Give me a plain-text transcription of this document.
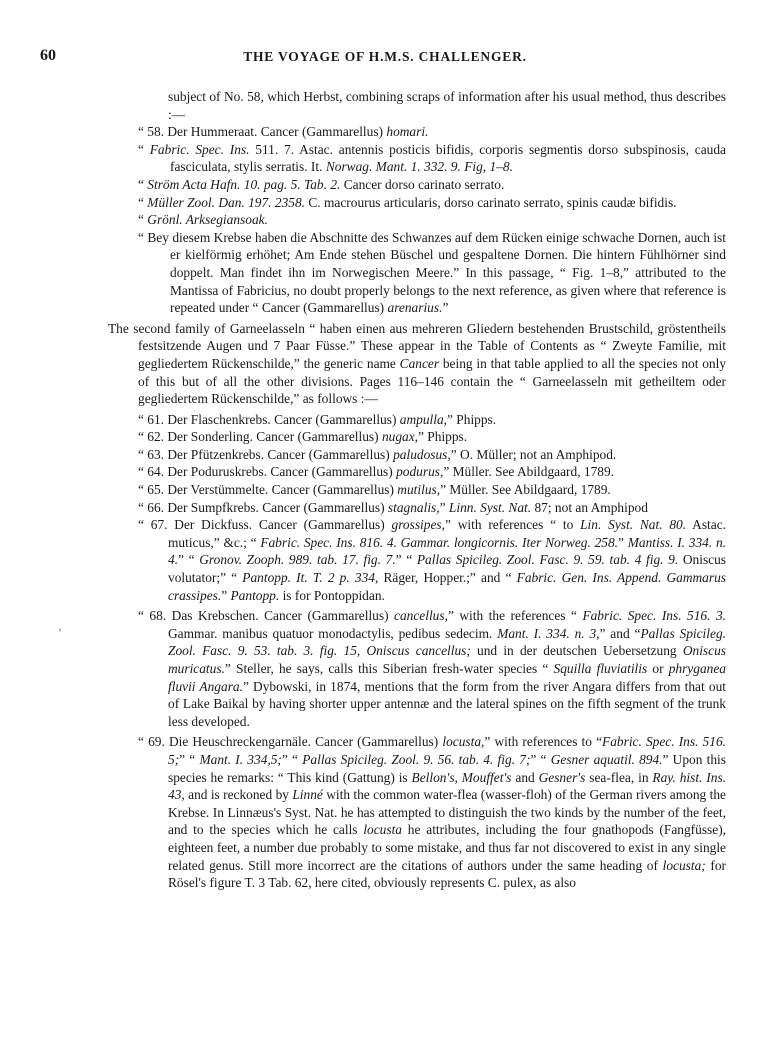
60	THE VOYAGE OF H.M.S. CHALLENGER.
ʼ

subject of No. 58, which Herbst, combining scraps of information after his usual method, thus describes :—

“ 58. Der Hummeraat. Cancer (Gammarellus) homari.

“ Fabric. Spec. Ins. 511. 7. Astac. antennis posticis bifidis, corporis segmentis dorso subspinosis, cauda fasciculata, stylis serratis. It. Norwag. Mant. 1. 332. 9. Fig, 1–8.

“ Ström Acta Hafn. 10. pag. 5. Tab. 2. Cancer dorso carinato serrato.

“ Müller Zool. Dan. 197. 2358. C. macrourus articularis, dorso carinato serrato, spinis caudæ bifidis.

“ Grönl. Arksegiansoak.

“ Bey diesem Krebse haben die Abschnitte des Schwanzes auf dem Rücken einige schwache Dornen, auch ist er kielförmig erhöhet; Am Ende stehen Büschel und gespaltene Dornen. Die hintern Fühlhörner sind doppelt. Man findet ihn im Norwegischen Meere.” In this passage, “ Fig. 1–8,” attributed to the Mantissa of Fabricius, no doubt properly belongs to the next reference, as given where that reference is repeated under “ Cancer (Gammarellus) arenarius.”

The second family of Garneelasseln “ haben einen aus mehreren Gliedern bestehenden Brustschild, gröstentheils festsitzende Augen und 7 Paar Füsse.” These appear in the Table of Contents as “ Zweyte Familie, mit gegliedertem Rückenschilde,” the generic name Cancer being in that table applied to all the species not only of this but of all the other divisions. Pages 116–146 contain the “ Garneelasseln mit getheiltem oder gegliedertem Rückenschilde,” as follows :—

“ 61. Der Flaschenkrebs. Cancer (Gammarellus) ampulla,” Phipps.

“ 62. Der Sonderling. Cancer (Gammarellus) nugax,” Phipps.

“ 63. Der Pfützenkrebs. Cancer (Gammarellus) paludosus,” O. Müller; not an Amphipod.

“ 64. Der Poduruskrebs. Cancer (Gammarellus) podurus,” Müller. See Abildgaard, 1789.

“ 65. Der Verstümmelte. Cancer (Gammarellus) mutilus,” Müller. See Abildgaard, 1789.

“ 66. Der Sumpfkrebs. Cancer (Gammarellus) stagnalis,” Linn. Syst. Nat. 87; not an Amphipod

“ 67. Der Dickfuss. Cancer (Gammarellus) grossipes,” with references “ to Lin. Syst. Nat. 80. Astac. muticus,” &c.; “ Fabric. Spec. Ins. 816. 4. Gammar. longicornis. Iter Norweg. 258.” Mantiss. I. 334. n. 4.” “ Gronov. Zooph. 989. tab. 17. fig. 7.” “ Pallas Spicileg. Zool. Fasc. 9. 59. tab. 4 fig. 9. Oniscus volutator;” “ Pantopp. It. T. 2 p. 334, Räger, Hopper.;” and “ Fabric. Gen. Ins. Append. Gammarus crassipes.” Pantopp. is for Pontoppidan.

“ 68. Das Krebschen. Cancer (Gammarellus) cancellus,” with the references “ Fabric. Spec. Ins. 516. 3. Gammar. manibus quatuor monodactylis, pedibus sedecim. Mant. I. 334. n. 3,” and “Pallas Spicileg. Zool. Fasc. 9. 53. tab. 3. fig. 15, Oniscus cancellus; und in der deutschen Uebersetzung Oniscus muricatus.” Steller, he says, calls this Siberian fresh-water species “ Squilla fluviatilis or phryganea fluvii Angara.” Dybowski, in 1874, mentions that the form from the river Angara differs from that out of Lake Baikal by having shorter upper antennæ and the lateral spines on the fifth segment of the trunk less developed.

“ 69. Die Heuschreckengarnäle. Cancer (Gammarellus) locusta,” with references to “Fabric. Spec. Ins. 516. 5;” “ Mant. I. 334,5;” “ Pallas Spicileg. Zool. 9. 56. tab. 4. fig. 7;” “ Gesner aquatil. 894.” Upon this species he remarks: “ This kind (Gattung) is Bellon's, Mouffet's and Gesner's sea-flea, in Ray. hist. Ins. 43, and is reckoned by Linné with the common water-flea (wasser-floh) of the German rivers among the Krebse. In Linnæus's Syst. Nat. he has attempted to distinguish the two kinds by the number of the feet, and to the species which he calls locusta he attributes, including the four gnathopods (Fangfüsse), eighteen feet, a number due probably to some mistake, and thus far not discovered to exist in any single related genus. Still more incorrect are the citations of authors under the same heading of locusta; for Rösel's figure T. 3 Tab. 62, here cited, obviously represents C. pulex, as also
